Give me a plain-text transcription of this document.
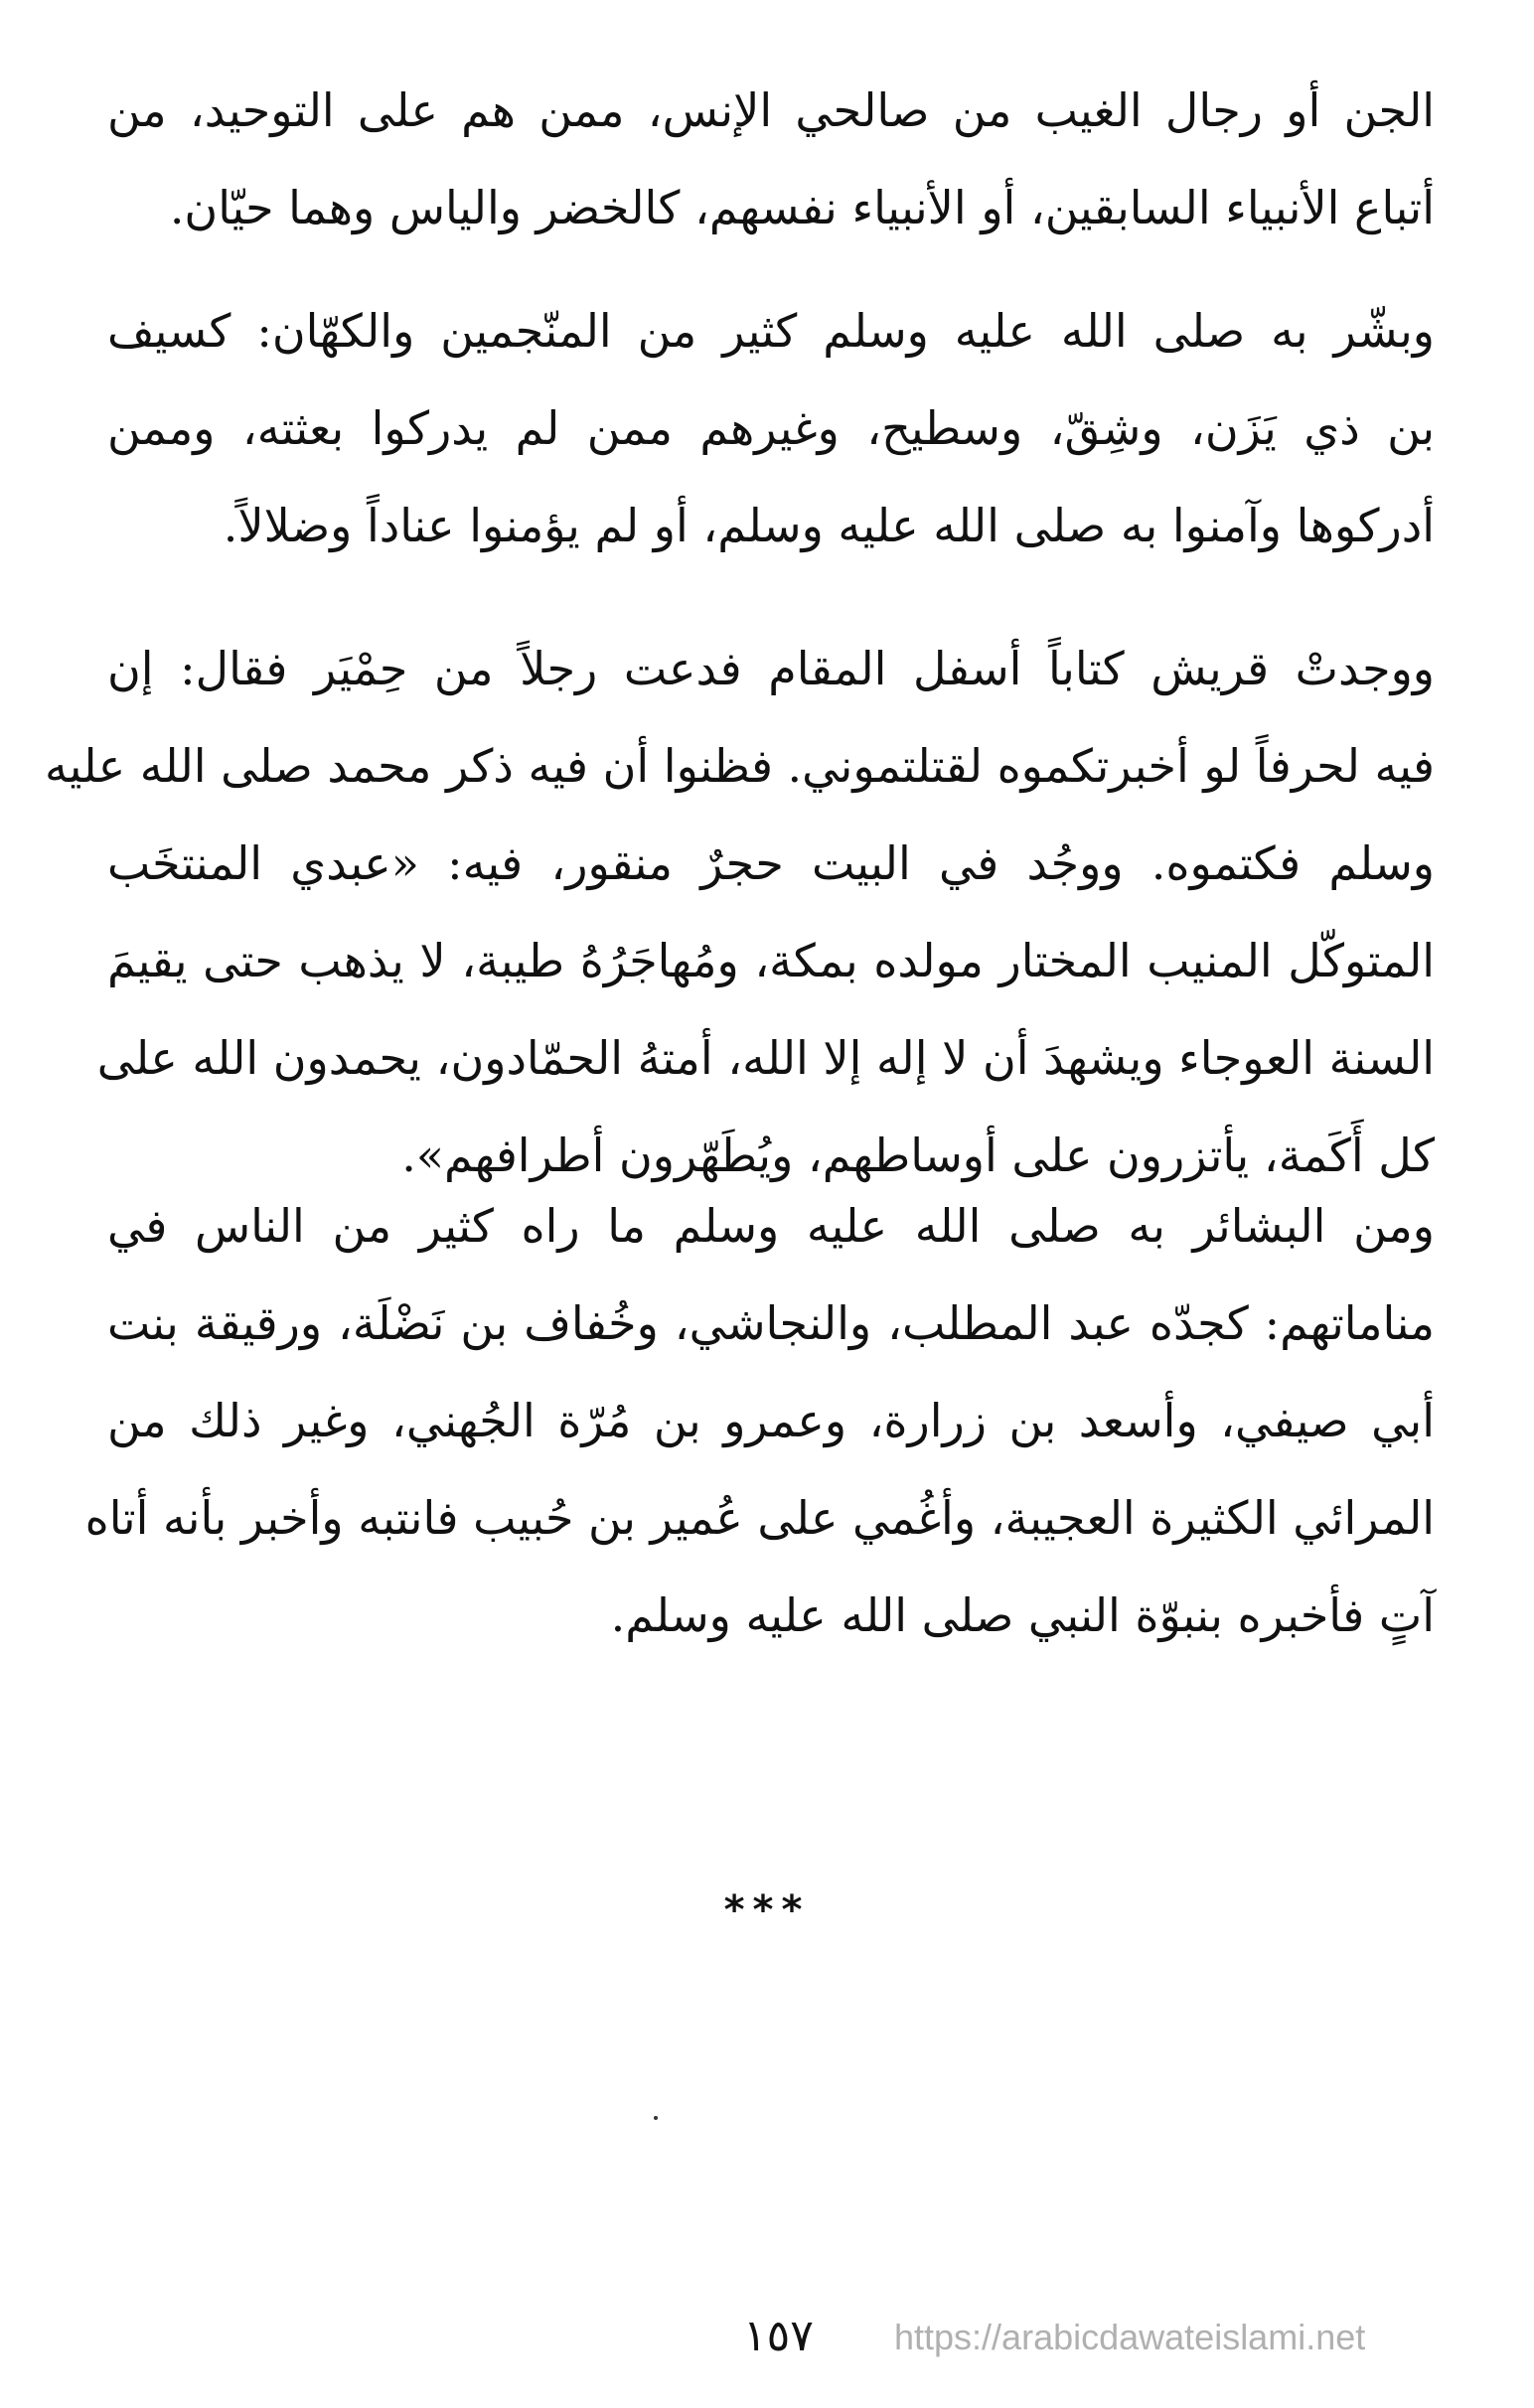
الجن أو رجال الغيب من صالحي الإنس، ممن هم على التوحيد، من
أتباع الأنبياء السابقين، أو الأنبياء نفسهم، كالخضر والياس وهما حيّان.
وبشّر به صلى الله عليه وسلم كثير من المنّجمين والكهّان: كسيف
بن ذي يَزَن، وشِقّ، وسطيح، وغيرهم ممن لم يدركوا بعثته، وممن
أدركوها وآمنوا به صلى الله عليه وسلم، أو لم يؤمنوا عناداً وضلالاً.
ووجدتْ قريش كتاباً أسفل المقام فدعت رجلاً من حِمْيَر فقال: إن
فيه لحرفاً لو أخبرتكموه لقتلتموني. فظنوا أن فيه ذكر محمد صلى الله عليه
وسلم فكتموه. ووجُد في البيت حجرٌ منقور، فيه: «عبدي المنتخَب
المتوكّل المنيب المختار مولده بمكة، ومُهاجَرُهُ طيبة، لا يذهب حتى يقيمَ
السنة العوجاء ويشهدَ أن لا إله إلا الله، أمتهُ الحمّادون، يحمدون الله على
كل أَكَمة، يأتزرون على أوساطهم، ويُطَهّرون أطرافهم».
ومن البشائر به صلى الله عليه وسلم ما راه كثير من الناس في
مناماتهم: كجدّه عبد المطلب، والنجاشي، وخُفاف بن نَضْلَة، ورقيقة بنت
أبي صيفي، وأسعد بن زرارة، وعمرو بن مُرّة الجُهني، وغير ذلك من
المرائي الكثيرة العجيبة، وأغُمي على عُمير بن حُبيب فانتبه وأخبر بأنه أتاه
آتٍ فأخبره بنبوّة النبي صلى الله عليه وسلم.
***
١٥٧ https://arabicdawateislami.net
